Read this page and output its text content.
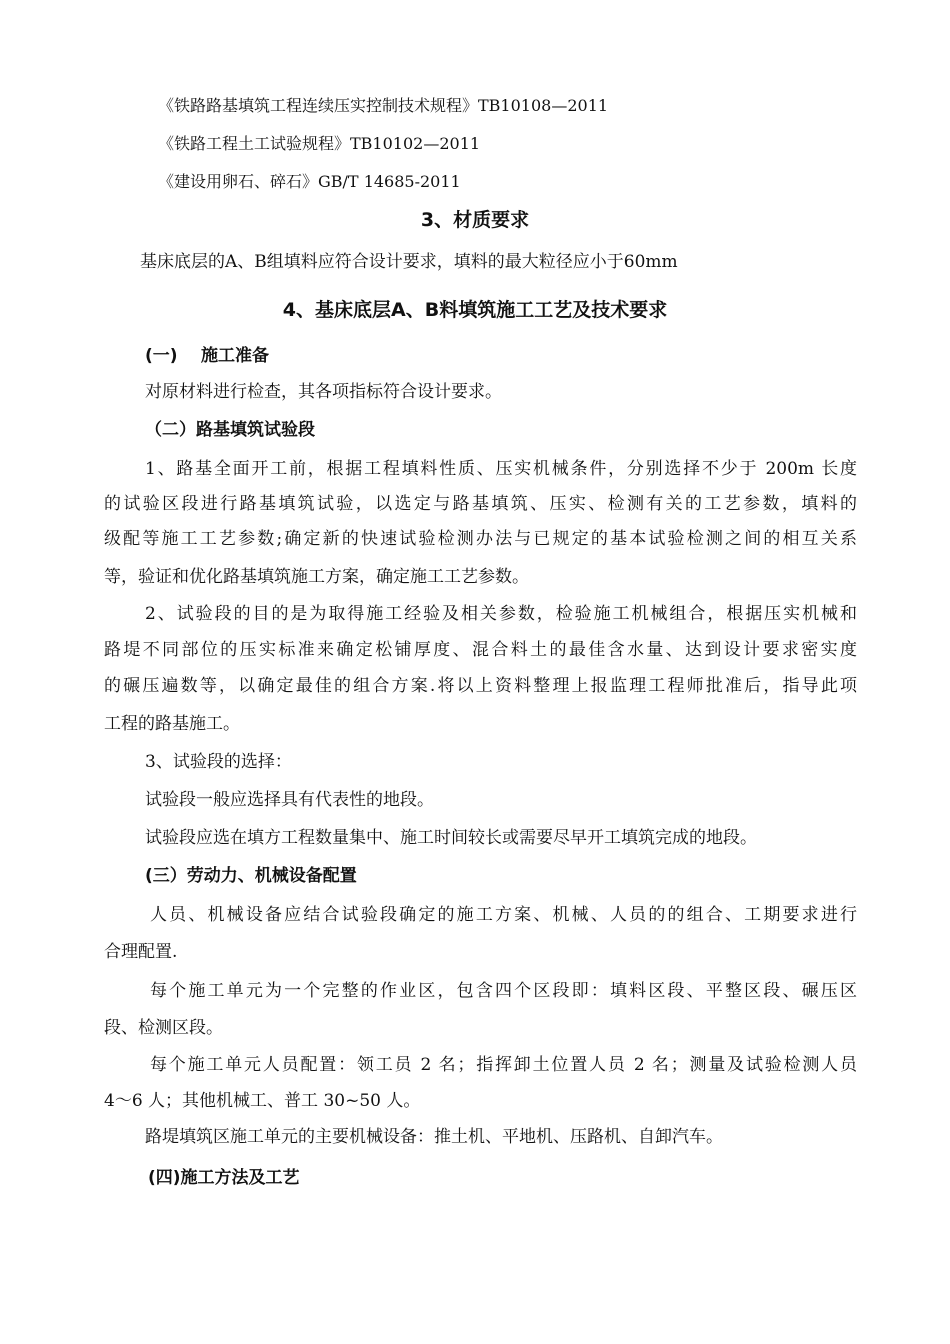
《铁路路基填筑工程连续压实控制技术规程》TB10108—2011
《铁路工程土工试验规程》TB10102—2011
《建设用卵石、碎石》GB/T 14685-2011
3、材质要求
基床底层的A、B组填料应符合设计要求，填料的最大粒径应小于60mm
4、基床底层A、B料填筑施工工艺及技术要求
(一) 施工准备
对原材料进行检查，其各项指标符合设计要求。
（二）路基填筑试验段
1、路基全面开工前，根据工程填料性质、压实机械条件，分别选择不少于 200m 长度
的试验区段进行路基填筑试验，以选定与路基填筑、压实、检测有关的工艺参数，填料的
级配等施工工艺参数;确定新的快速试验检测办法与已规定的基本试验检测之间的相互关系
等，验证和优化路基填筑施工方案，确定施工工艺参数。
2、试验段的目的是为取得施工经验及相关参数，检验施工机械组合，根据压实机械和
路堤不同部位的压实标准来确定松铺厚度、混合料土的最佳含水量、达到设计要求密实度
的碾压遍数等，以确定最佳的组合方案.将以上资料整理上报监理工程师批准后，指导此项
工程的路基施工。
3、试验段的选择：
试验段一般应选择具有代表性的地段。
试验段应选在填方工程数量集中、施工时间较长或需要尽早开工填筑完成的地段。
(三）劳动力、机械设备配置
人员、机械设备应结合试验段确定的施工方案、机械、人员的的组合、工期要求进行
合理配置.
每个施工单元为一个完整的作业区，包含四个区段即：填料区段、平整区段、碾压区
段、检测区段。
每个施工单元人员配置：领工员 2 名；指挥卸土位置人员 2 名；测量及试验检测人员
4～6 人；其他机械工、普工 30~50 人。
路堤填筑区施工单元的主要机械设备：推土机、平地机、压路机、自卸汽车。
(四)施工方法及工艺
